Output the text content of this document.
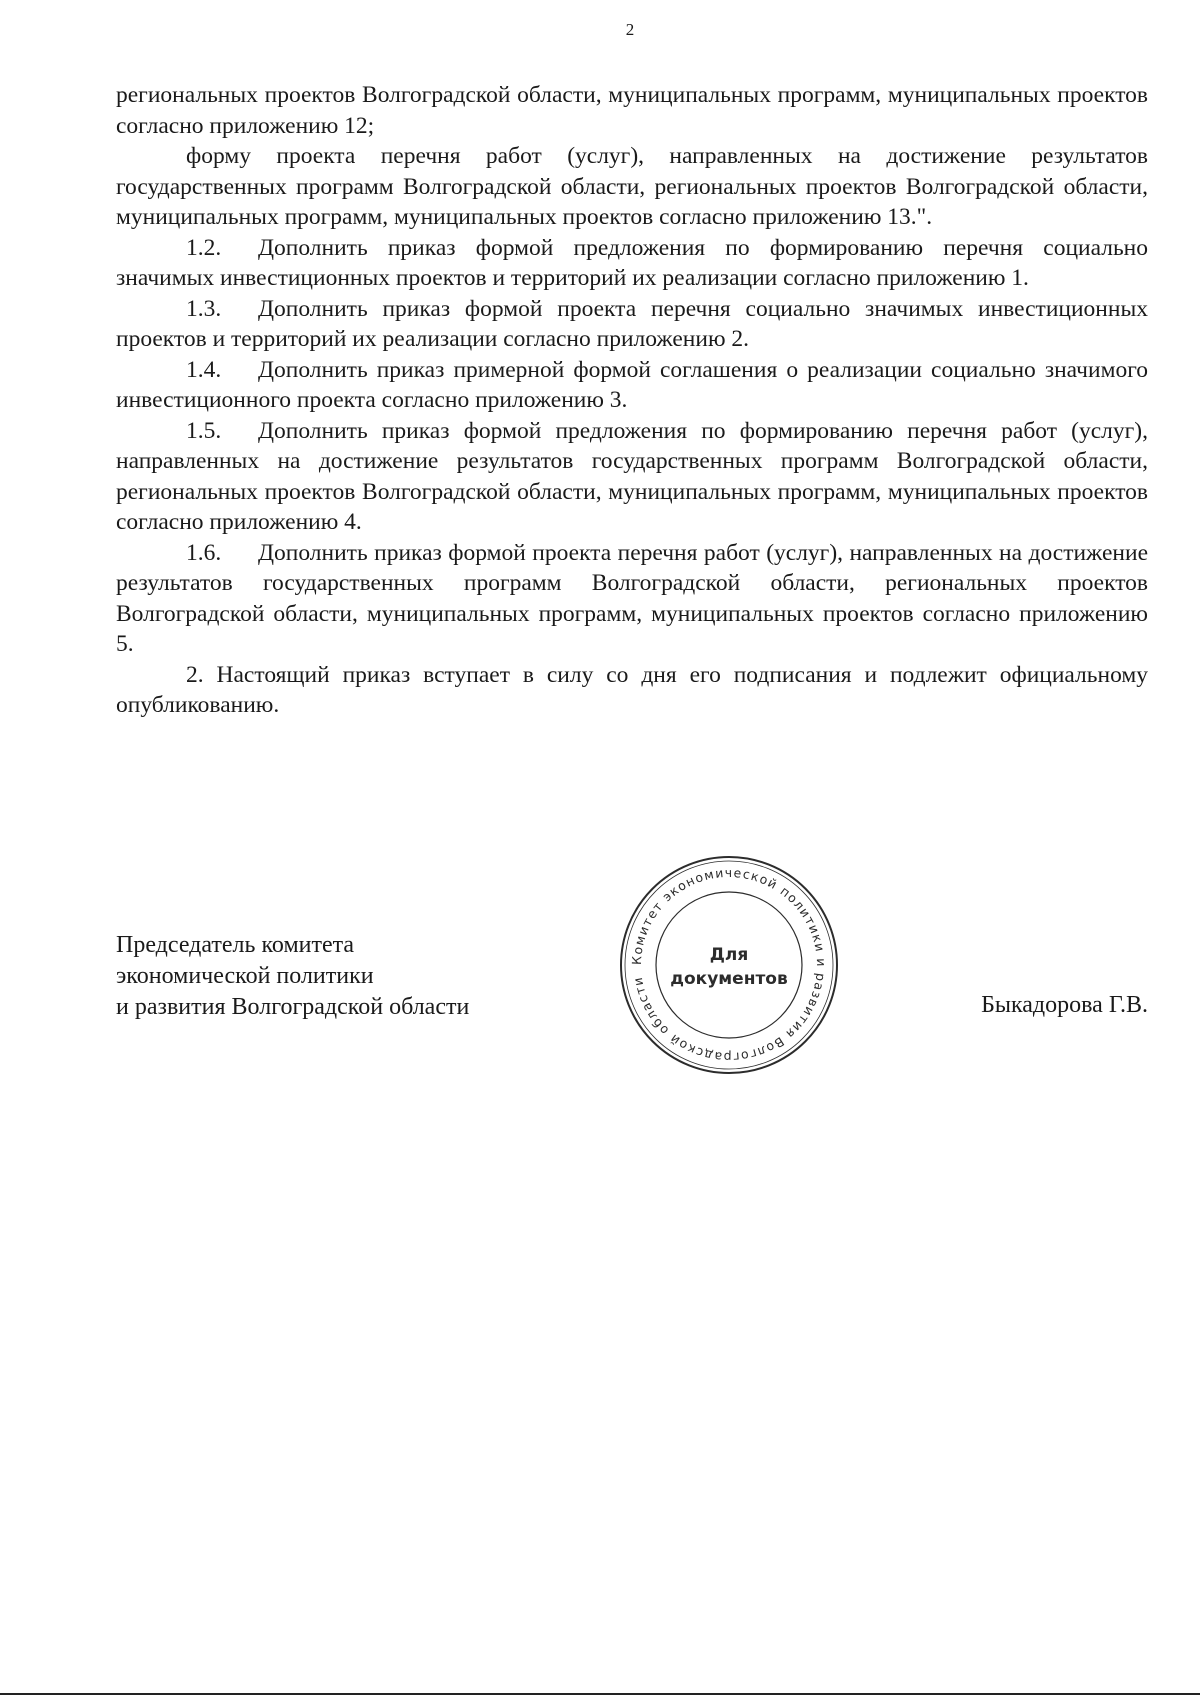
2

региональных проектов Волгоградской области, муниципальных программ, муниципальных проектов согласно приложению 12;

форму проекта перечня работ (услуг), направленных на достижение результатов государственных программ Волгоградской области, региональных проектов Волгоградской области, муниципальных программ, муниципальных проектов согласно приложению 13.".

1.2. Дополнить приказ формой предложения по формированию перечня социально значимых инвестиционных проектов и территорий их реализации согласно приложению 1.

1.3. Дополнить приказ формой проекта перечня социально значимых инвестиционных проектов и территорий их реализации согласно приложению 2.

1.4. Дополнить приказ примерной формой соглашения о реализации социально значимого инвестиционного проекта согласно приложению 3.

1.5. Дополнить приказ формой предложения по формированию перечня работ (услуг), направленных на достижение результатов государственных программ Волгоградской области, региональных проектов Волгоградской области, муниципальных программ, муниципальных проектов согласно приложению 4.

1.6. Дополнить приказ формой проекта перечня работ (услуг), направленных на достижение результатов государственных программ Волгоградской области, региональных проектов Волгоградской области, муниципальных программ, муниципальных проектов согласно приложению 5.

2. Настоящий приказ вступает в силу со дня его подписания и подлежит официальному опубликованию.

Председатель комитета
экономической политики
и развития Волгоградской области
Комитет экономической политики и развития Волгоградской области
Для
документов
Быкадорова Г.В.
